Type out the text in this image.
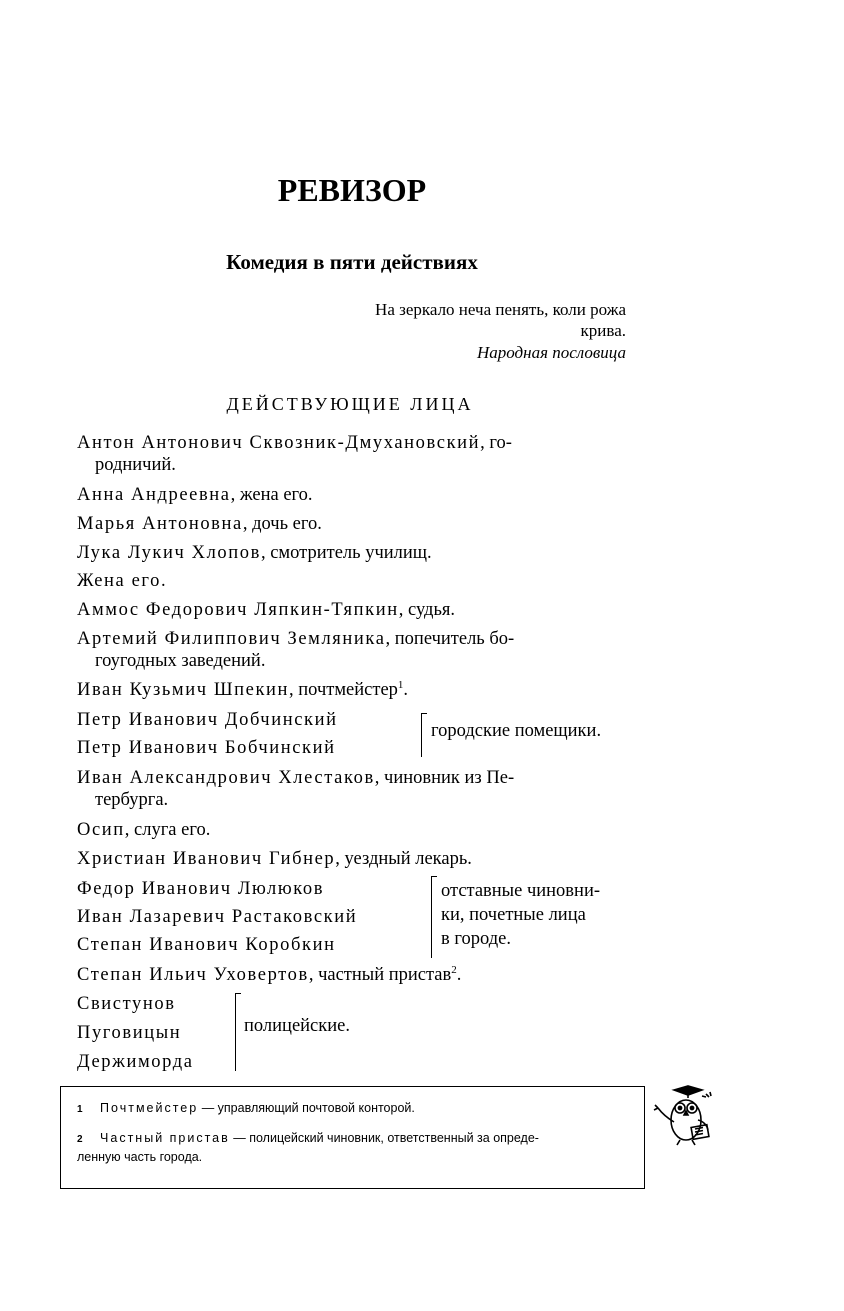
РЕВИЗОР
Комедия в пяти действиях
На зеркало неча пенять, коли рожа
крива.
Народная пословица
ДЕЙСТВУЮЩИЕ ЛИЦА
Антон Антонович Сквозник-Дмухановский, го-
родничий.
Анна Андреевна, жена его.
Марья Антоновна, дочь его.
Лука Лукич Хлопов, смотритель училищ.
Жена его.
Аммос Федорович Ляпкин-Тяпкин, судья.
Артемий Филиппович Земляника, попечитель бо-
гоугодных заведений.
Иван Кузьмич Шпекин, почтмейстер$^1$.
Петр Иванович Добчинский
Петр Иванович Бобчинский
городские помещики.
Иван Александрович Хлестаков, чиновник из Пе-
тербурга.
Осип, слуга его.
Христиан Иванович Гибнер, уездный лекарь.
Федор Иванович Люлюков
Иван Лазаревич Растаковский
Степан Иванович Коробкин
отставные чиновни-
ки, почетные лица
в городе.
Степан Ильич Уховертов, частный пристав$^2$.
Свистунов
Пуговицын
Держиморда
полицейские.
1 Почтмейстер — управляющий почтовой конторой.
2 Частный пристав — полицейский чиновник, ответственный за опреде-
ленную часть города.
